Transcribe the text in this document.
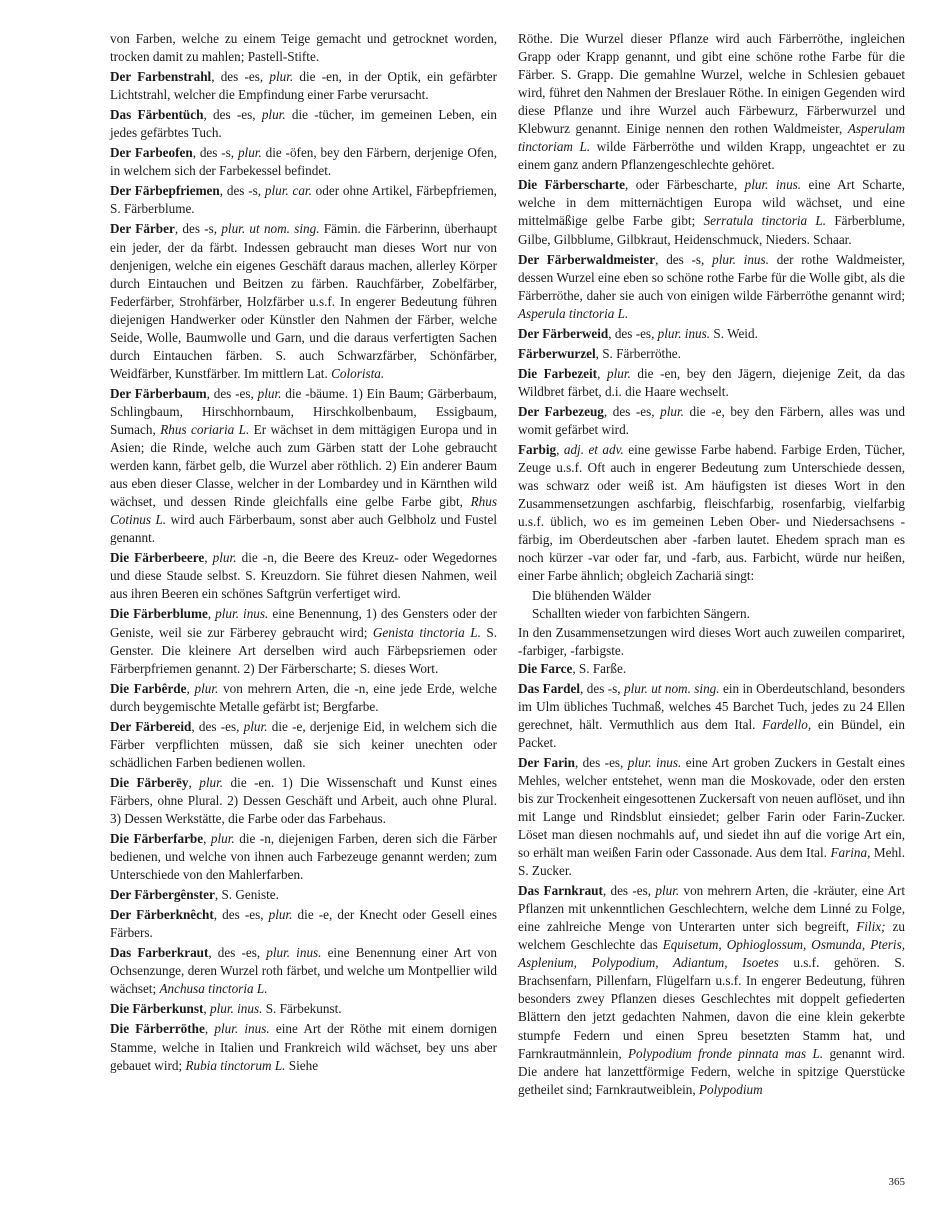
von Farben, welche zu einem Teige gemacht und getrocknet worden, trocken damit zu mahlen; Pastell-Stifte.
Der Farbenstrahl, des -es, plur. die -en, in der Optik, ein gefärbter Lichtstrahl, welcher die Empfindung einer Farbe verursacht.
Das Färbentüch, des -es, plur. die -tücher, im gemeinen Leben, ein jedes gefärbtes Tuch.
Der Farbeofen, des -s, plur. die -öfen, bey den Färbern, derjenige Ofen, in welchem sich der Farbekessel befindet.
Der Färbepfriemen, des -s, plur. car. oder ohne Artikel, Färbepfriemen, S. Färberblume.
Der Färber, des -s, plur. ut nom. sing. Fämin. die Färberinn, überhaupt ein jeder, der da färbt. Indessen gebraucht man dieses Wort nur von denjenigen, welche ein eigenes Geschäft daraus machen, allerley Körper durch Eintauchen und Beitzen zu färben. Rauchfärber, Zobelfärber, Federfärber, Strohfärber, Holzfärber u.s.f. In engerer Bedeutung führen diejenigen Handwerker oder Künstler den Nahmen der Färber, welche Seide, Wolle, Baumwolle und Garn, und die daraus verfertigten Sachen durch Eintauchen färben. S. auch Schwarzfärber, Schönfärber, Weidfärber, Kunstfärber. Im mittlern Lat. Colorista.
Der Färberbaum, des -es, plur. die -bäume. 1) Ein Baum; Gärberbaum, Schlingbaum, Hirschhornbaum, Hirschkolbenbaum, Essigbaum, Sumach, Rhus coriaria L. Er wächset in dem mittägigen Europa und in Asien; die Rinde, welche auch zum Gärben statt der Lohe gebraucht werden kann, färbet gelb, die Wurzel aber röthlich. 2) Ein anderer Baum aus eben dieser Classe, welcher in der Lombardey und in Kärnthen wild wächset, und dessen Rinde gleichfalls eine gelbe Farbe gibt, Rhus Cotinus L. wird auch Färberbaum, sonst aber auch Gelbholz und Fustel genannt.
Die Färberbeere, plur. die -n, die Beere des Kreuz- oder Wegedornes und diese Staude selbst. S. Kreuzdorn. Sie führet diesen Nahmen, weil aus ihren Beeren ein schönes Saftgrün verfertiget wird.
Die Färberblume, plur. inus. eine Benennung, 1) des Gensters oder der Geniste, weil sie zur Färberey gebraucht wird; Genista tinctoria L. S. Genster. Die kleinere Art derselben wird auch Färbepsriemen oder Färberpfriemen genannt. 2) Der Färberscharte; S. dieses Wort.
Die Farbêrde, plur. von mehrern Arten, die -n, eine jede Erde, welche durch beygemischte Metalle gefärbt ist; Bergfarbe.
Der Färbereid, des -es, plur. die -e, derjenige Eid, in welchem sich die Färber verpflichten müssen, daß sie sich keiner unechten oder schädlichen Farben bedienen wollen.
Die Färberēy, plur. die -en. 1) Die Wissenschaft und Kunst eines Färbers, ohne Plural. 2) Dessen Geschäft und Arbeit, auch ohne Plural. 3) Dessen Werkstätte, die Farbe oder das Farbehaus.
Die Färberfarbe, plur. die -n, diejenigen Farben, deren sich die Färber bedienen, und welche von ihnen auch Farbezeuge genannt werden; zum Unterschiede von den Mahlerfarben.
Der Färbergênster, S. Geniste.
Der Färberknêcht, des -es, plur. die -e, der Knecht oder Gesell eines Färbers.
Das Farberkraut, des -es, plur. inus. eine Benennung einer Art von Ochsenzunge, deren Wurzel roth färbet, und welche um Montpellier wild wächset; Anchusa tinctoria L.
Die Färberkunst, plur. inus. S. Färbekunst.
Die Färberröthe, plur. inus. eine Art der Röthe mit einem dornigen Stamme, welche in Italien und Frankreich wild wächset, bey uns aber gebauet wird; Rubia tinctorum L. Siehe
Röthe. Die Wurzel dieser Pflanze wird auch Färberröthe, ingleichen Grapp oder Krapp genannt, und gibt eine schöne rothe Farbe für die Färber. S. Grapp. Die gemahlne Wurzel, welche in Schlesien gebauet wird, führet den Nahmen der Breslauer Röthe. In einigen Gegenden wird diese Pflanze und ihre Wurzel auch Färbewurz, Färberwurzel und Klebwurz genannt. Einige nennen den rothen Waldmeister, Asperulam tinctoriam L. wilde Färberröthe und wilden Krapp, ungeachtet er zu einem ganz andern Pflanzengeschlechte gehöret.
Die Färberscharte, oder Färbescharte, plur. inus. eine Art Scharte, welche in dem mitternächtigen Europa wild wächset, und eine mittelmäßige gelbe Farbe gibt; Serratula tinctoria L. Färberblume, Gilbe, Gilbblume, Gilbkraut, Heidenschmuck, Nieders. Schaar.
Der Färberwaldmeister, des -s, plur. inus. der rothe Waldmeister, dessen Wurzel eine eben so schöne rothe Farbe für die Wolle gibt, als die Färberröthe, daher sie auch von einigen wilde Färberröthe genannt wird; Asperula tinctoria L.
Der Färberweid, des -es, plur. inus. S. Weid.
Färberwurzel, S. Färberröthe.
Die Farbezeit, plur. die -en, bey den Jägern, diejenige Zeit, da das Wildbret färbet, d.i. die Haare wechselt.
Der Farbezeug, des -es, plur. die -e, bey den Färbern, alles was und womit gefärbet wird.
Farbig, adj. et adv. eine gewisse Farbe habend. Farbige Erden, Tücher, Zeuge u.s.f. Oft auch in engerer Bedeutung zum Unterschiede dessen, was schwarz oder weiß ist. Am häufigsten ist dieses Wort in den Zusammensetzungen aschfarbig, fleischfarbig, rosenfarbig, vielfarbig u.s.f. üblich, wo es im gemeinen Leben Ober- und Niedersachsens -färbig, im Oberdeutschen aber -farben lautet. Ehedem sprach man es noch kürzer -var oder far, und -farb, aus. Farbicht, würde nur heißen, einer Farbe ähnlich; obgleich Zachariä singt:

Die blühenden Wälder

Schallten wieder von farbichten Sängern.

In den Zusammensetzungen wird dieses Wort auch zuweilen compariret, -farbiger, -farbigste.

Die Farce, S. Farße.
Das Fardel, des -s, plur. ut nom. sing. ein in Oberdeutschland, besonders im Ulm übliches Tuchmaß, welches 45 Barchet Tuch, jedes zu 24 Ellen gerechnet, hält. Vermuthlich aus dem Ital. Fardello, ein Bündel, ein Packet.
Der Farin, des -es, plur. inus. eine Art groben Zuckers in Gestalt eines Mehles, welcher entstehet, wenn man die Moskovade, oder den ersten bis zur Trockenheit eingesottenen Zuckersaft von neuen auflöset, und ihn mit Lange und Rindsblut einsiedet; gelber Farin oder Farin-Zucker. Löset man diesen nochmahls auf, und siedet ihn auf die vorige Art ein, so erhält man weißen Farin oder Cassonade. Aus dem Ital. Farina, Mehl. S. Zucker.
Das Farnkraut, des -es, plur. von mehrern Arten, die -kräuter, eine Art Pflanzen mit unkenntlichen Geschlechtern, welche dem Linné zu Folge, eine zahlreiche Menge von Unterarten unter sich begreift, Filix; zu welchem Geschlechte das Equisetum, Ophioglossum, Osmunda, Pteris, Asplenium, Polypodium, Adiantum, Isoetes u.s.f. gehören. S. Brachsenfarn, Pillenfarn, Flügelfarn u.s.f. In engerer Bedeutung, führen besonders zwey Pflanzen dieses Geschlechtes mit doppelt gefiederten Blättern den jetzt gedachten Nahmen, davon die eine klein gekerbte stumpfe Federn und einen Spreu besetzten Stamm hat, und Farnkrautmännlein, Polypodium fronde pinnata mas L. genannt wird. Die andere hat lanzettförmige Federn, welche in spitzige Querstücke getheilet sind; Farnkrautweiblein, Polypodium
365
